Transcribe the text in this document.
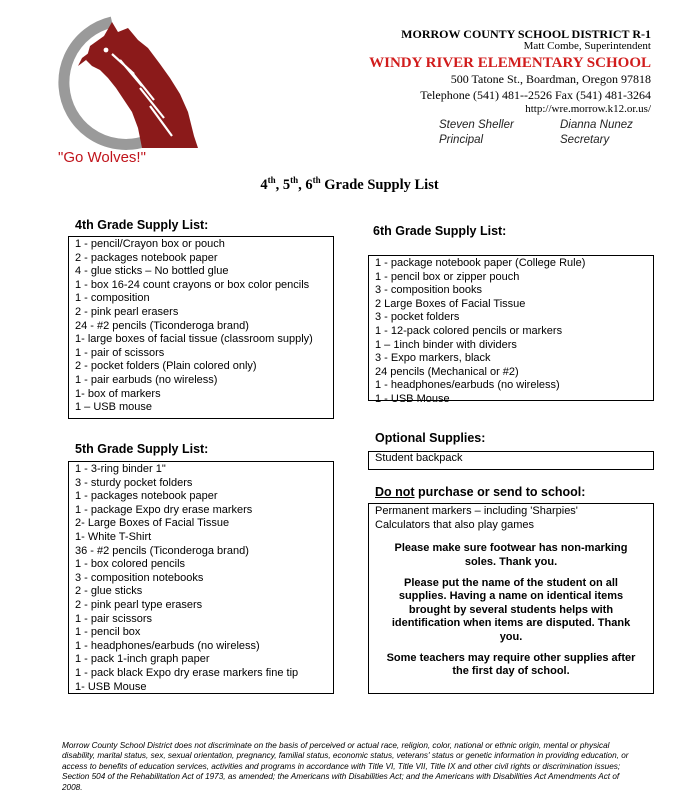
"Go Wolves!"
MORROW COUNTY SCHOOL DISTRICT R-1
Matt Combe, Superintendent
WINDY RIVER ELEMENTARY SCHOOL
500 Tatone St., Boardman, Oregon 97818
Telephone (541) 481--2526 Fax (541) 481-3264
http://wre.morrow.k12.or.us/
Steven Sheller
Principal
Dianna Nunez
Secretary
4th, 5th, 6th Grade Supply List
4th Grade Supply List:
1 - pencil/Crayon box or pouch
2 - packages notebook paper
4 - glue sticks – No bottled glue
1 - box 16-24 count crayons or box color pencils
1 - composition
2 - pink pearl erasers
24 - #2 pencils (Ticonderoga brand)
1- large boxes of facial tissue (classroom supply)
1 - pair of scissors
2 - pocket folders (Plain colored only)
1 - pair earbuds (no wireless)
1- box of markers
1 – USB mouse
5th Grade Supply List:
1 - 3-ring binder 1"
3 - sturdy pocket folders
1 - packages notebook paper
1 - package Expo dry erase markers
2- Large Boxes of Facial Tissue
1- White T-Shirt
36 - #2 pencils (Ticonderoga brand)
1 - box colored pencils
3 - composition notebooks
2 - glue sticks
2 - pink pearl type erasers
1 - pair scissors
1 - pencil box
1 - headphones/earbuds (no wireless)
1 - pack 1-inch graph paper
1 - pack black Expo dry erase markers fine tip
1- USB Mouse
6th Grade Supply List:
1 - package notebook paper (College Rule)
1 - pencil box or zipper pouch
3 - composition books
2 Large Boxes of Facial Tissue
3 - pocket folders
1 - 12-pack colored pencils or markers
1 – 1inch binder with dividers
3 - Expo markers, black
24 pencils (Mechanical or #2)
1 - headphones/earbuds (no wireless)
1 - USB Mouse
Optional Supplies:
Student backpack
Do not purchase or send to school:
Permanent markers – including 'Sharpies'
Calculators that also play games
Please make sure footwear has non-marking soles. Thank you.
Please put the name of the student on all supplies. Having a name on identical items brought by several students helps with identification when items are disputed. Thank you.
Some teachers may require other supplies after the first day of school.
Morrow County School District does not discriminate on the basis of perceived or actual race, religion, color, national or ethnic origin, mental or physical disability, marital status, sex, sexual orientation, pregnancy, familial status, economic status, veterans' status or genetic information in providing education, or access to benefits of education services, activities and programs in accordance with Title VI, Title VII, Title IX and other civil rights or discrimination issues; Section 504 of the Rehabilitation Act of 1973, as amended; the Americans with Disabilities Act; and the Americans with Disabilities Act Amendments Act of 2008.
